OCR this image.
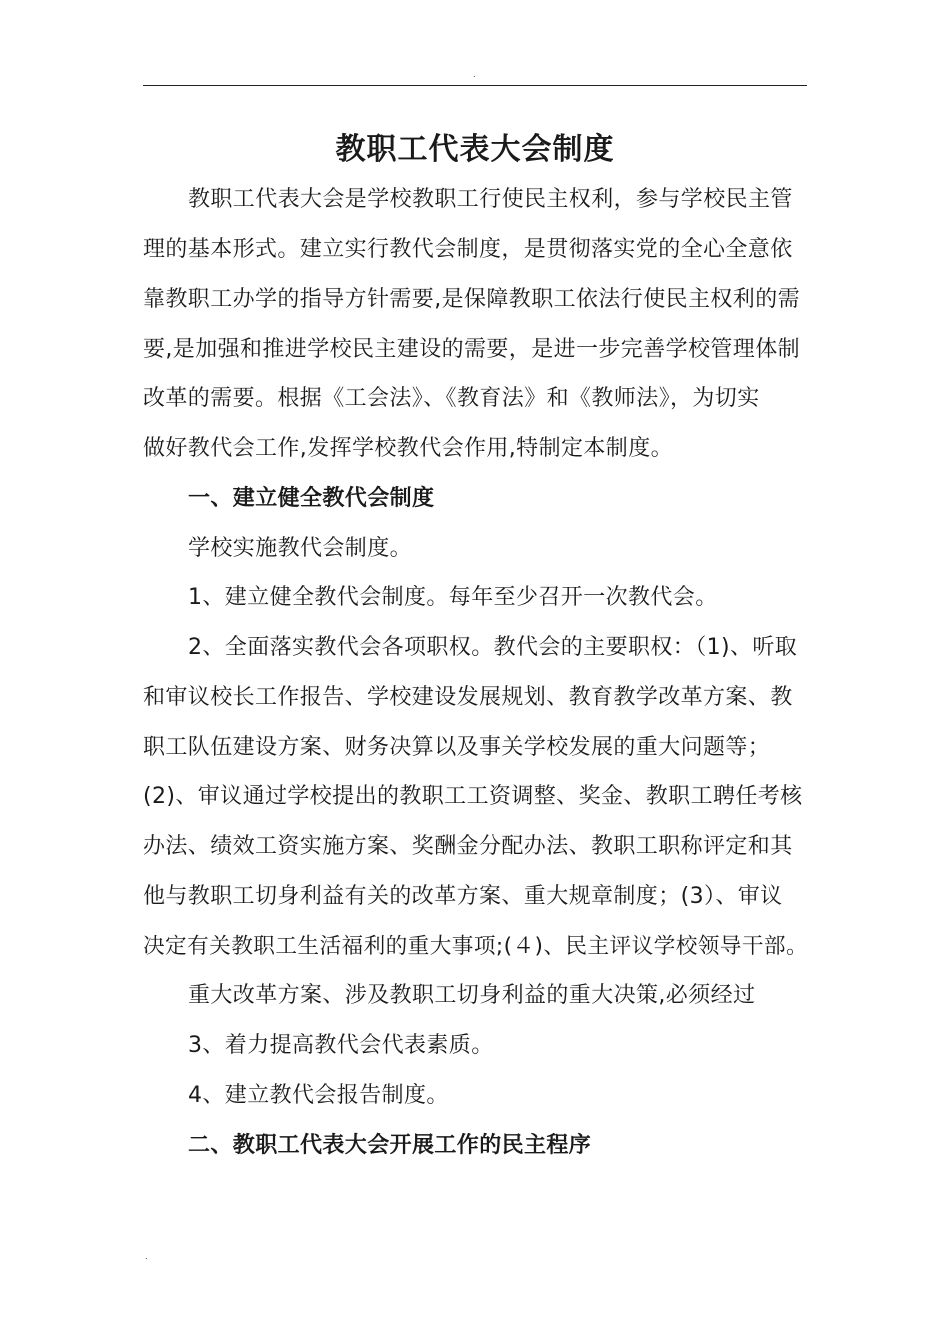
.
教职工代表大会制度
教职工代表大会是学校教职工行使民主权利，参与学校民主管
理的基本形式。建立实行教代会制度，是贯彻落实党的全心全意依
靠教职工办学的指导方针需要,是保障教职工依法行使民主权利的需
要,是加强和推进学校民主建设的需要，是进一步完善学校管理体制
改革的需要。根据《工会法》、《教育法》和《教师法》，为切实
做好教代会工作,发挥学校教代会作用,特制定本制度。
一、建立健全教代会制度
学校实施教代会制度。
1、建立健全教代会制度。每年至少召开一次教代会。
2、全面落实教代会各项职权。教代会的主要职权：（1)、听取
和审议校长工作报告、学校建设发展规划、教育教学改革方案、教
职工队伍建设方案、财务决算以及事关学校发展的重大问题等；
(2)、审议通过学校提出的教职工工资调整、奖金、教职工聘任考核
办法、绩效工资实施方案、奖酬金分配办法、教职工职称评定和其
他与教职工切身利益有关的改革方案、重大规章制度；(3）、审议
决定有关教职工生活福利的重大事项;(４)、民主评议学校领导干部。
重大改革方案、涉及教职工切身利益的重大决策,必须经过
3、着力提高教代会代表素质。
4、建立教代会报告制度。
二、教职工代表大会开展工作的民主程序
.
